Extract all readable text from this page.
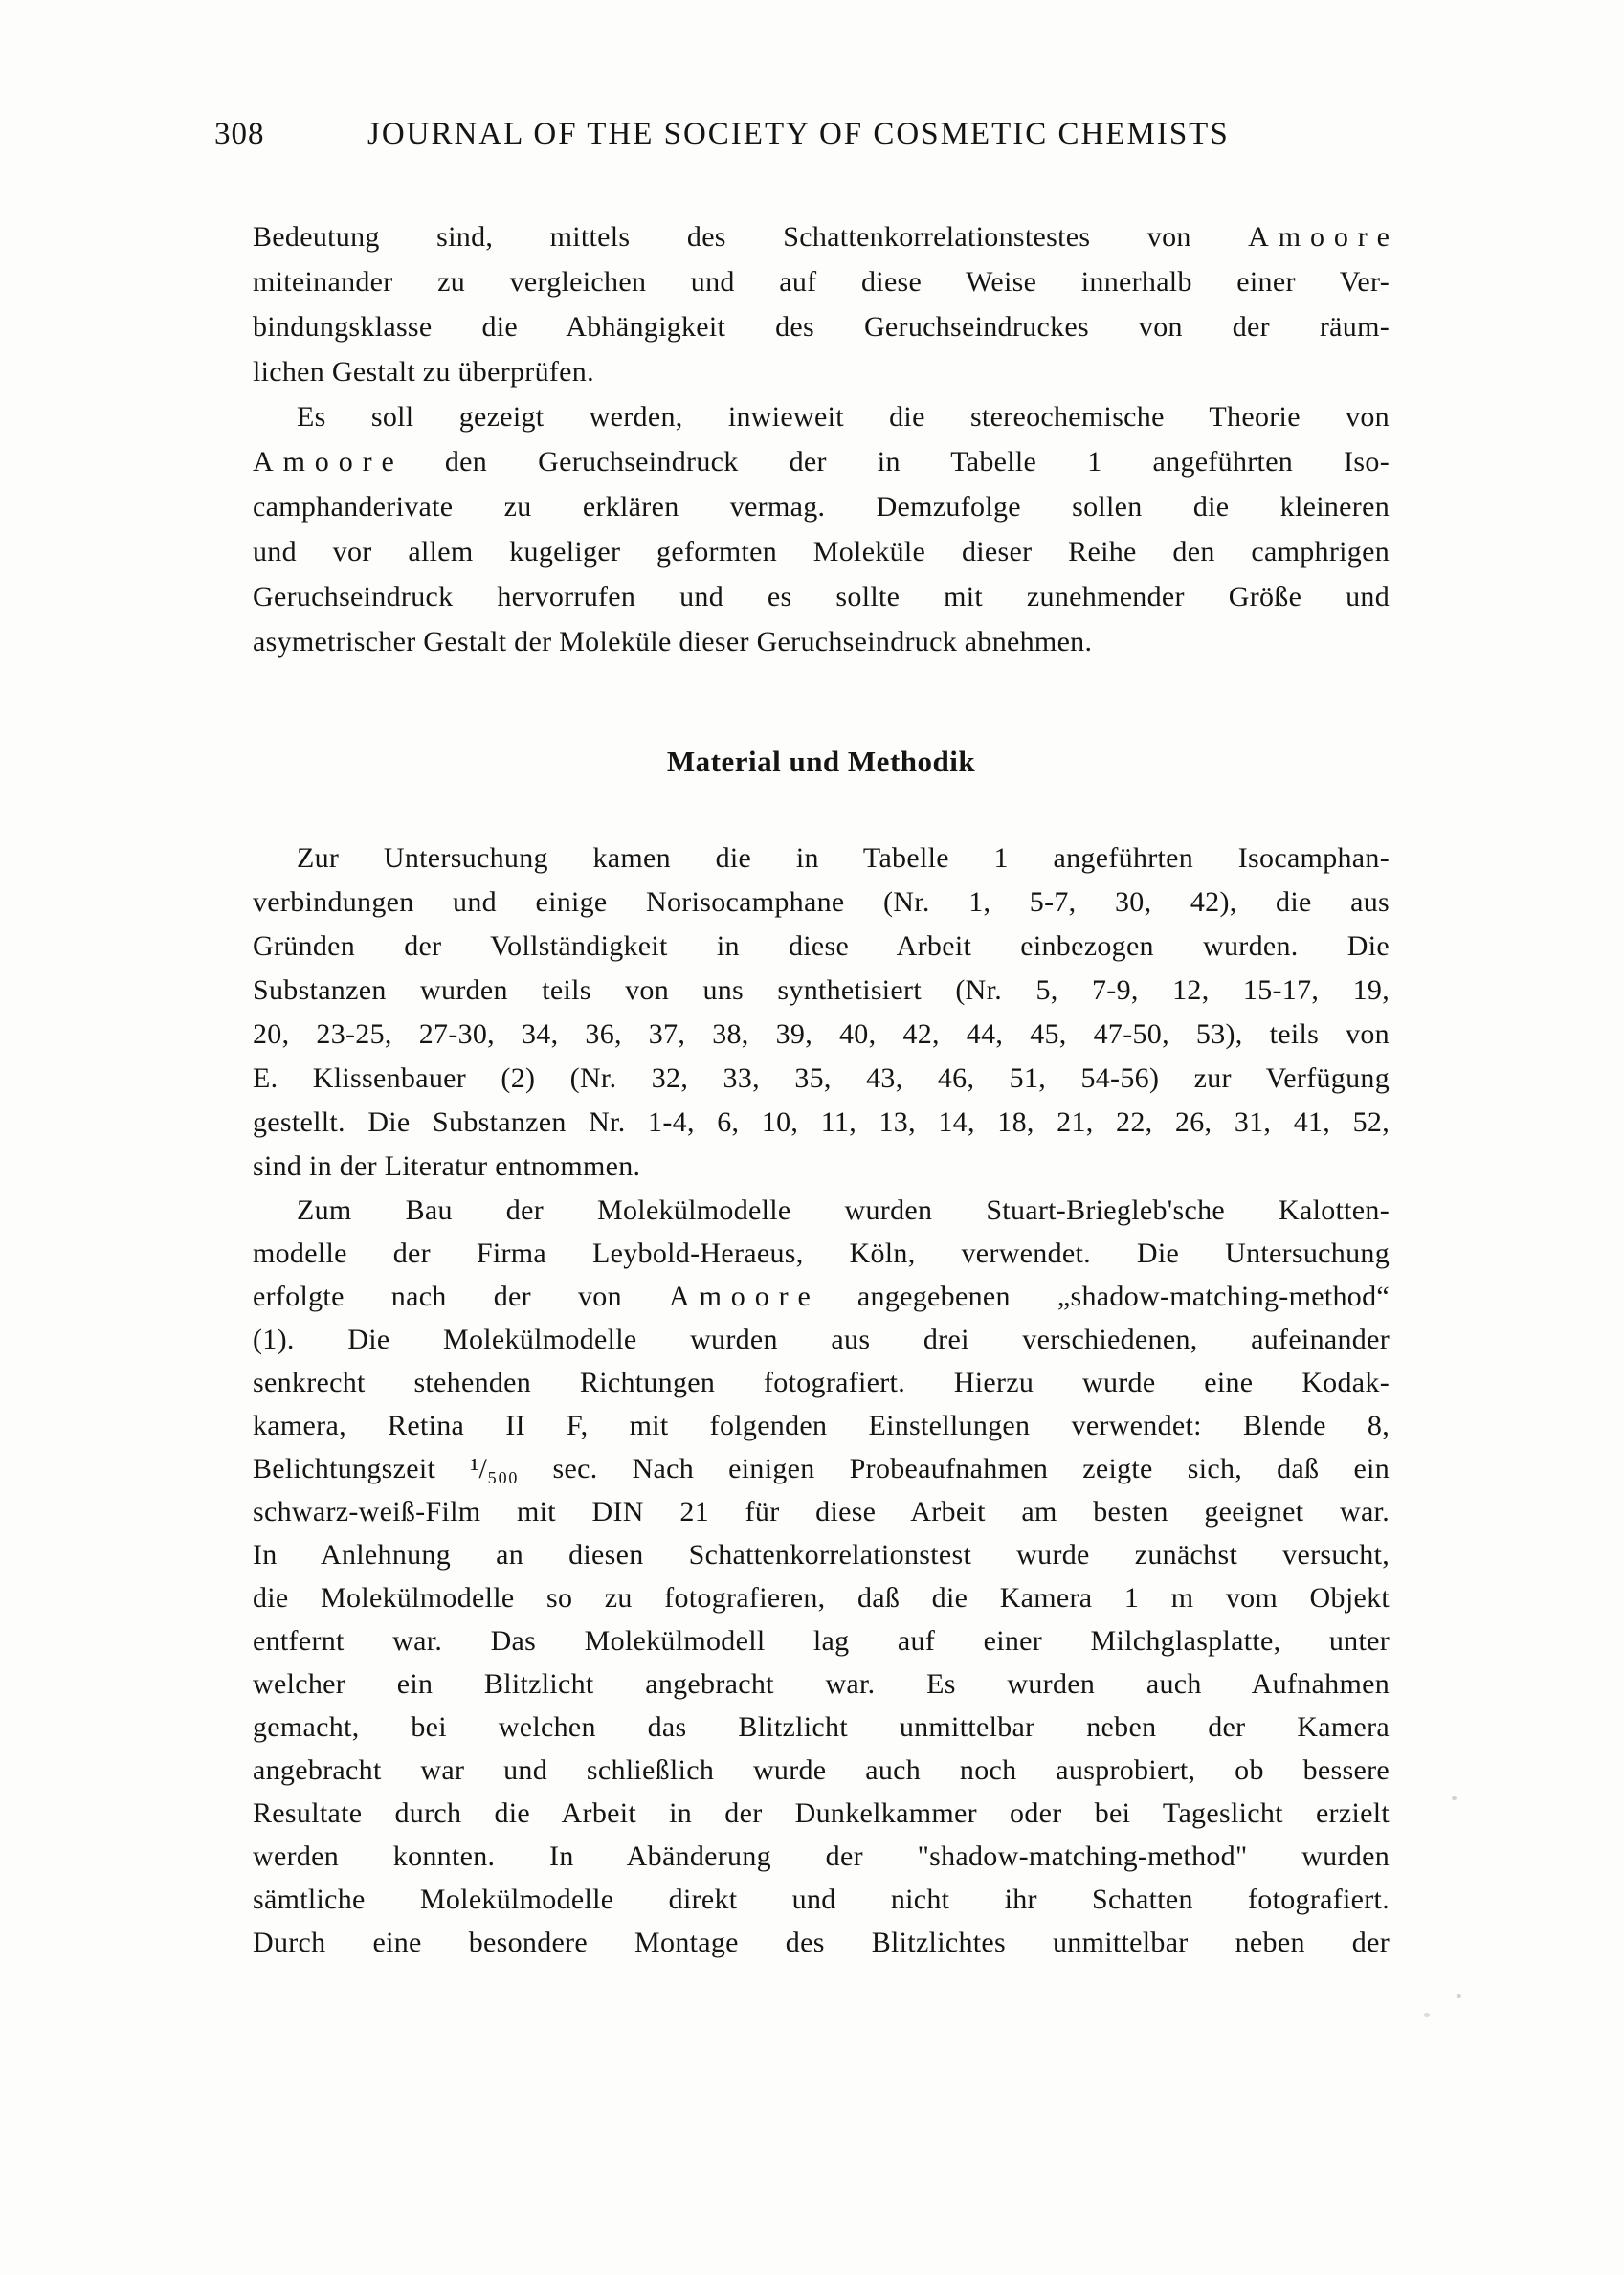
308	JOURNAL OF THE SOCIETY OF COSMETIC CHEMISTS
Bedeutung sind, mittels des Schattenkorrelationstestes von Amoore
miteinander zu vergleichen und auf diese Weise innerhalb einer Ver-
bindungsklasse die Abhängigkeit des Geruchseindruckes von der räum-
lichen Gestalt zu überprüfen.
Es soll gezeigt werden, inwieweit die stereochemische Theorie von
Amoore den Geruchseindruck der in Tabelle 1 angeführten Iso-
camphanderivate zu erklären vermag. Demzufolge sollen die kleineren
und vor allem kugeliger geformten Moleküle dieser Reihe den camphrigen
Geruchseindruck hervorrufen und es sollte mit zunehmender Größe und
asymetrischer Gestalt der Moleküle dieser Geruchseindruck abnehmen.
Material und Methodik
Zur Untersuchung kamen die in Tabelle 1 angeführten Isocamphan-
verbindungen und einige Norisocamphane (Nr. 1, 5-7, 30, 42), die aus
Gründen der Vollständigkeit in diese Arbeit einbezogen wurden. Die
Substanzen wurden teils von uns synthetisiert (Nr. 5, 7-9, 12, 15-17, 19,
20, 23-25, 27-30, 34, 36, 37, 38, 39, 40, 42, 44, 45, 47-50, 53), teils von
E. Klissenbauer (2) (Nr. 32, 33, 35, 43, 46, 51, 54-56) zur Verfügung
gestellt. Die Substanzen Nr. 1-4, 6, 10, 11, 13, 14, 18, 21, 22, 26, 31, 41, 52,
sind in der Literatur entnommen.
Zum Bau der Molekülmodelle wurden Stuart-Briegleb'sche Kalotten-
modelle der Firma Leybold-Heraeus, Köln, verwendet. Die Untersuchung
erfolgte nach der von Amoore angegebenen „shadow-matching-method“
(1). Die Molekülmodelle wurden aus drei verschiedenen, aufeinander
senkrecht stehenden Richtungen fotografiert. Hierzu wurde eine Kodak-
kamera, Retina II F, mit folgenden Einstellungen verwendet: Blende 8,
Belichtungszeit ¹/₅₀₀ sec. Nach einigen Probeaufnahmen zeigte sich, daß ein
schwarz-weiß-Film mit DIN 21 für diese Arbeit am besten geeignet war.
In Anlehnung an diesen Schattenkorrelationstest wurde zunächst versucht,
die Molekülmodelle so zu fotografieren, daß die Kamera 1 m vom Objekt
entfernt war. Das Molekülmodell lag auf einer Milchglasplatte, unter
welcher ein Blitzlicht angebracht war. Es wurden auch Aufnahmen
gemacht, bei welchen das Blitzlicht unmittelbar neben der Kamera
angebracht war und schließlich wurde auch noch ausprobiert, ob bessere
Resultate durch die Arbeit in der Dunkelkammer oder bei Tageslicht erzielt
werden konnten. In Abänderung der "shadow-matching-method" wurden
sämtliche Molekülmodelle direkt und nicht ihr Schatten fotografiert.
Durch eine besondere Montage des Blitzlichtes unmittelbar neben der
